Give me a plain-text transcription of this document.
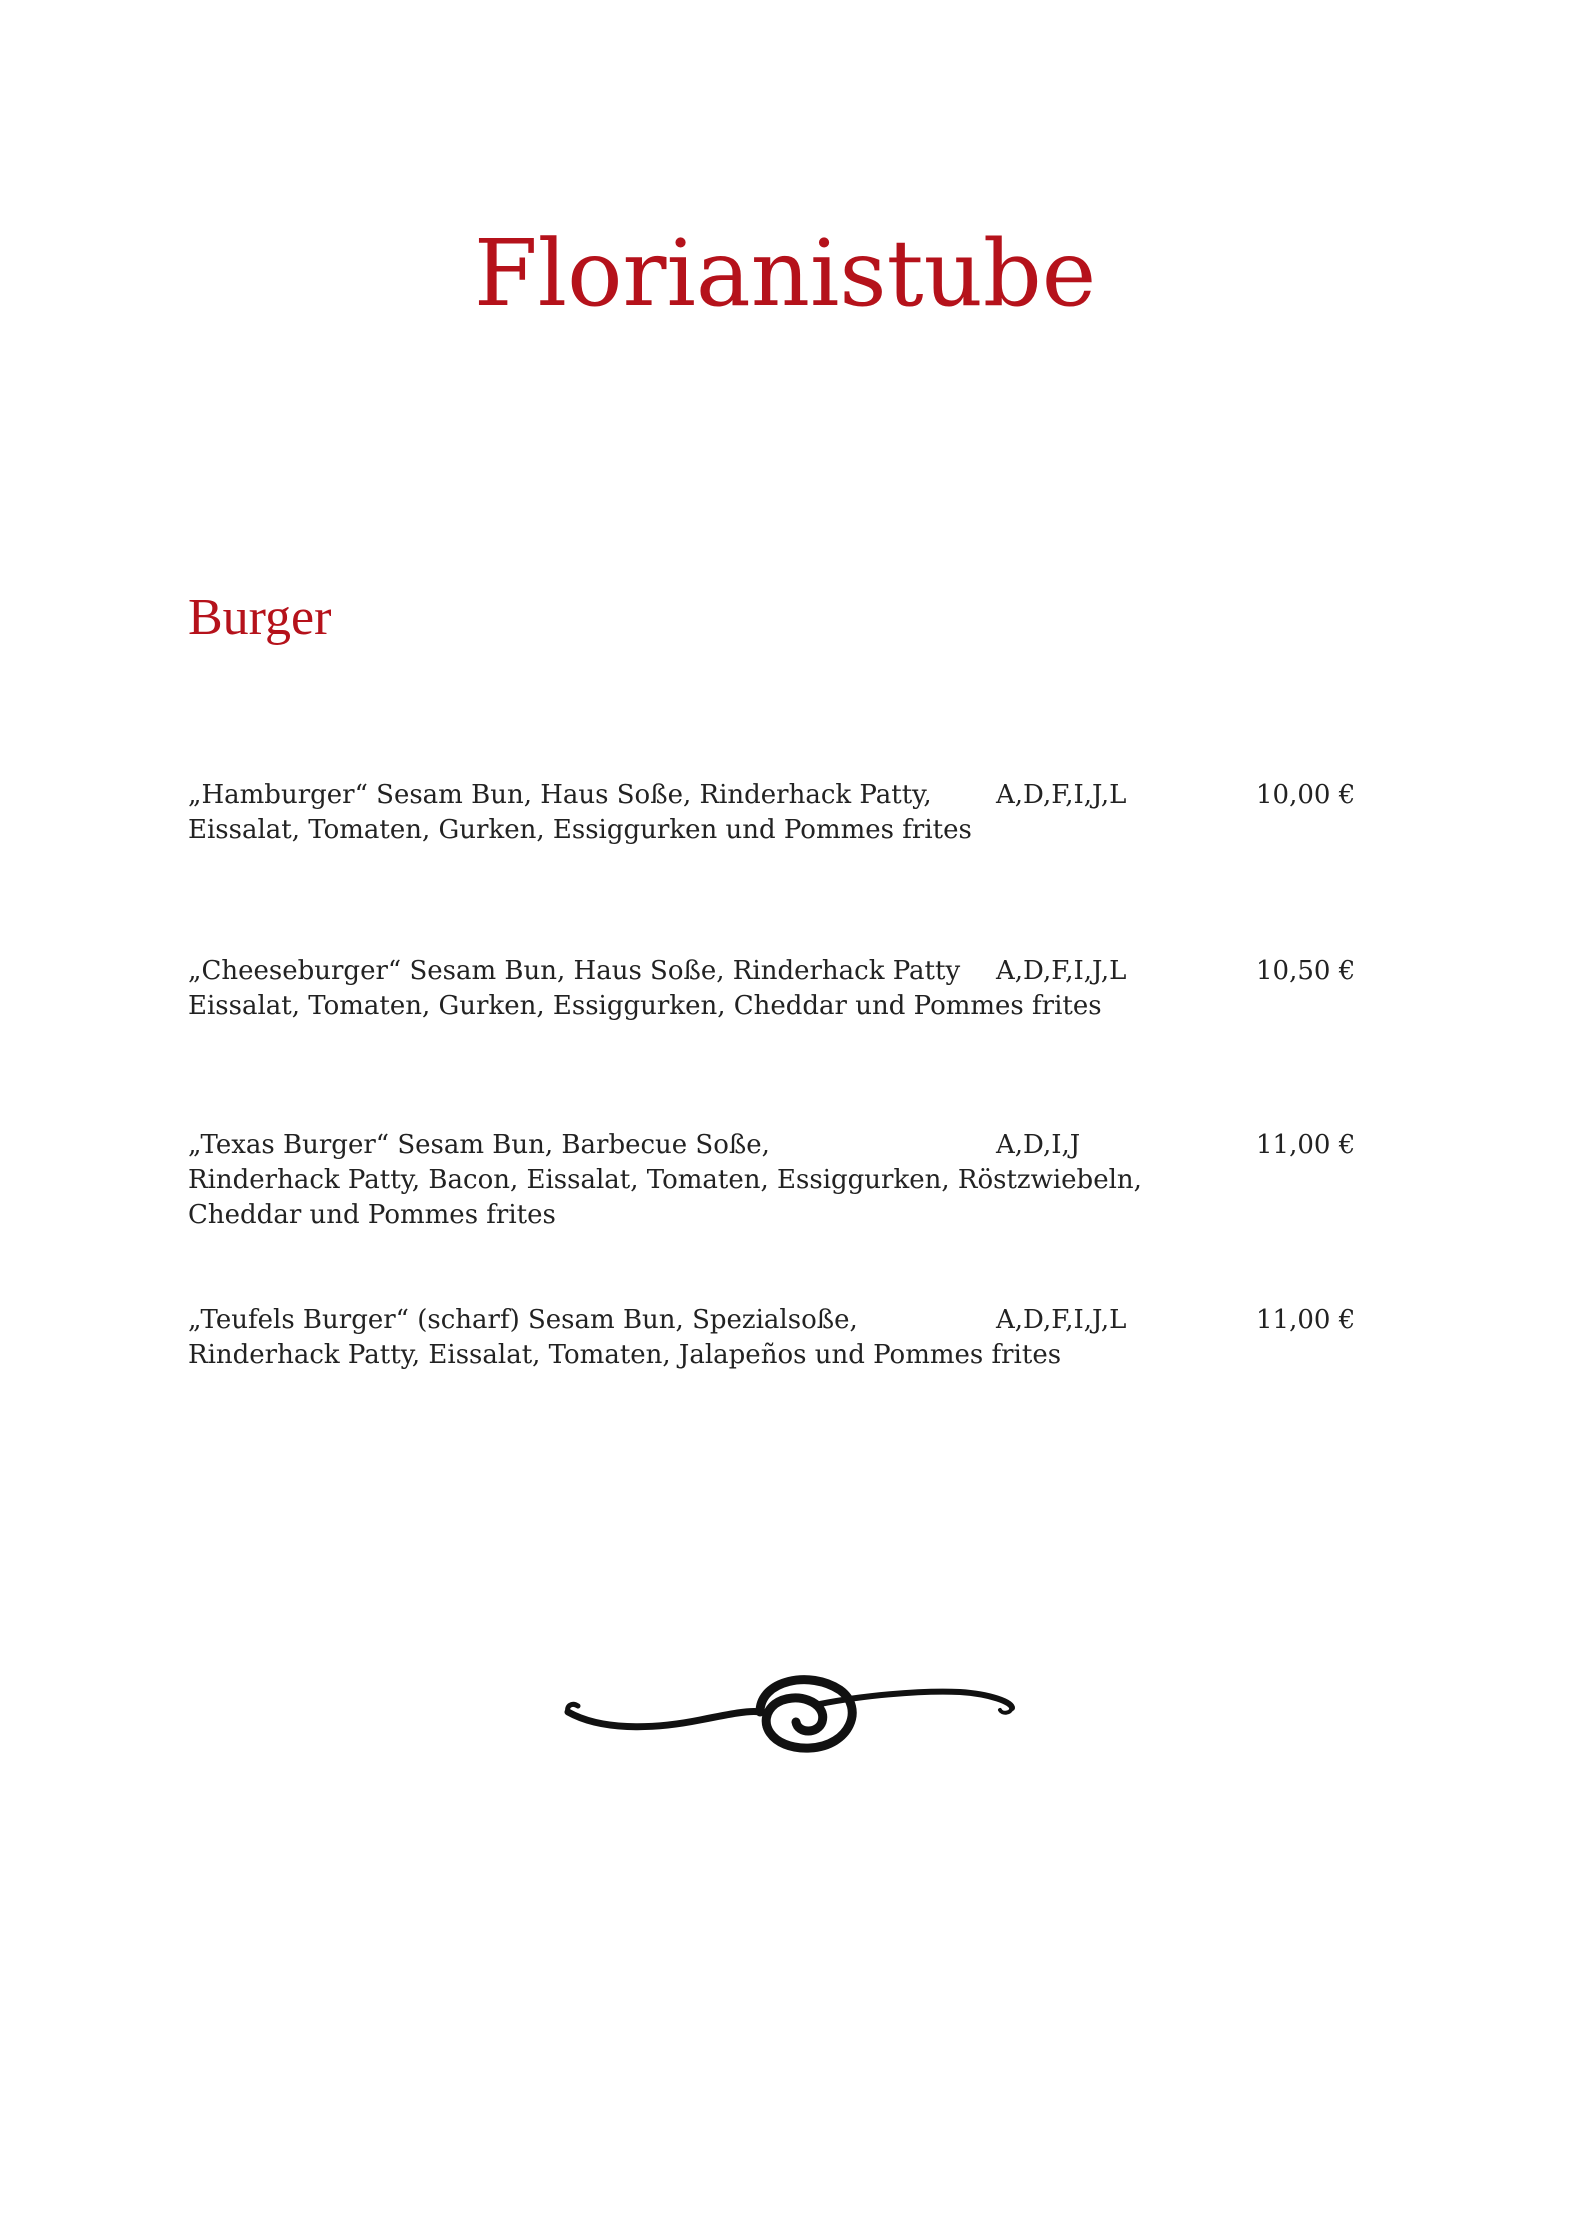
Florianistube
Burger
„Hamburger“ Sesam Bun, Haus Soße, Rinderhack Patty,
Eissalat, Tomaten, Gurken, Essiggurken und Pommes frites
A,D,F,I,J,L	10,00 €
„Cheeseburger“ Sesam Bun, Haus Soße, Rinderhack Patty
Eissalat, Tomaten, Gurken, Essiggurken, Cheddar und Pommes frites
A,D,F,I,J,L	10,50 €
„Texas Burger“ Sesam Bun, Barbecue Soße,
Rinderhack Patty, Bacon, Eissalat, Tomaten, Essiggurken, Röstzwiebeln,
Cheddar und Pommes frites
A,D,I,J	11,00 €
„Teufels Burger“ (scharf) Sesam Bun, Spezialsoße,
Rinderhack Patty, Eissalat, Tomaten, Jalapeños und Pommes frites
A,D,F,I,J,L	11,00 €
